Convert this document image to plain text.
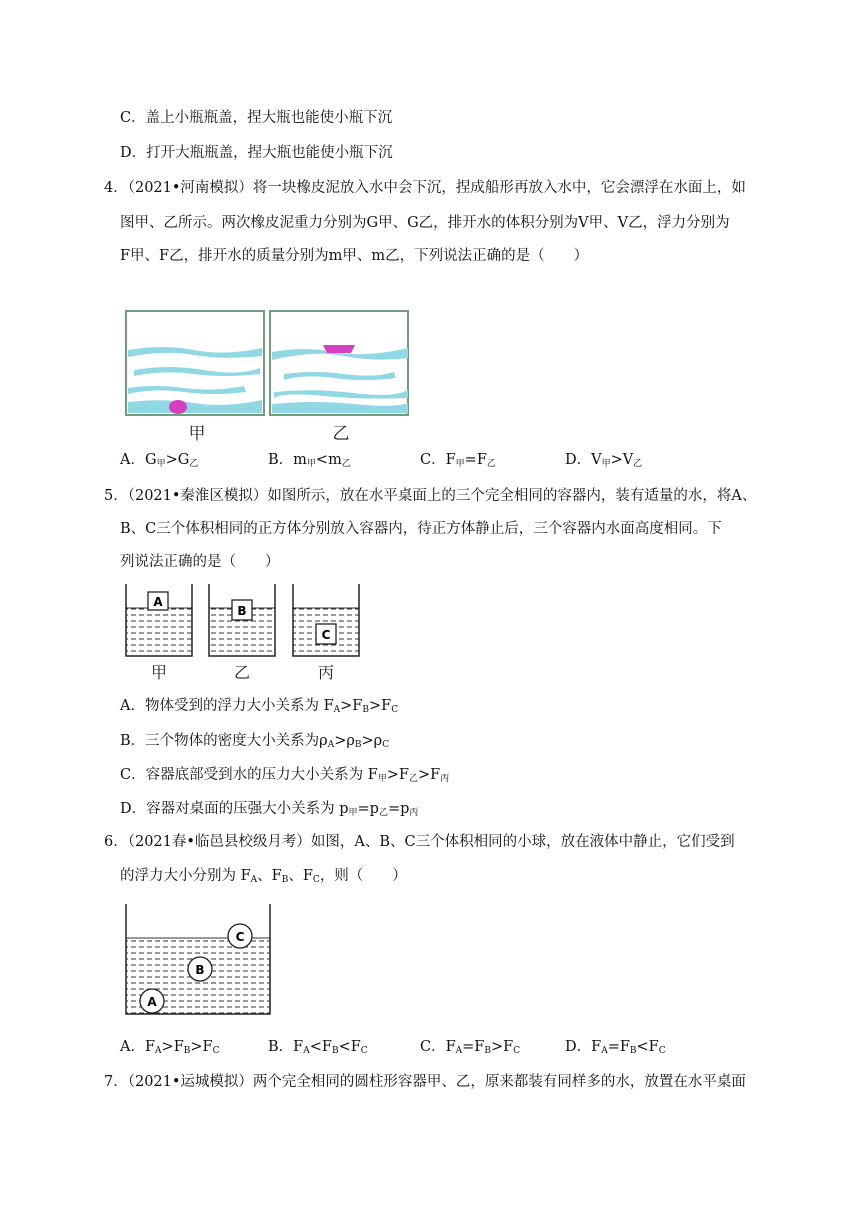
C．盖上小瓶瓶盖，捏大瓶也能使小瓶下沉
D．打开大瓶瓶盖，捏大瓶也能使小瓶下沉
4．（2021•河南模拟）将一块橡皮泥放入水中会下沉，捏成船形再放入水中，它会漂浮在水面上，如
图甲、乙所示。两次橡皮泥重力分别为G甲、G乙，排开水的体积分别为V甲、V乙，浮力分别为
F甲、F乙，排开水的质量分别为m甲、m乙，下列说法正确的是（　　）
甲	乙
A．$G_甲>G_乙$	B．$m_甲<m_乙$	C．$F_甲=F_乙$	D．$V_甲>V_乙$
5．（2021•秦淮区模拟）如图所示，放在水平桌面上的三个完全相同的容器内，装有适量的水，将A、
B、C三个体积相同的正方体分别放入容器内，待正方体静止后，三个容器内水面高度相同。下
列说法正确的是（　　）
A
B
C
甲	乙	丙
A．物体受到的浮力大小关系为 $F_A>F_B>F_C$
B．三个物体的密度大小关系为$\rho_A>\rho_B>\rho_C$
C．容器底部受到水的压力大小关系为 $F_甲>F_乙>F_丙$
D．容器对桌面的压强大小关系为 $p_甲=p_乙=p_丙$
6．（2021春•临邑县校级月考）如图，A、B、C三个体积相同的小球，放在液体中静止，它们受到
的浮力大小分别为 $F_A$、$F_B$、$F_C$，则（　　）
C
B
A
A．$F_A>F_B>F_C$	B．$F_A<F_B<F_C$	C．$F_A=F_B>F_C$	D．$F_A=F_B<F_C$
7．（2021•运城模拟）两个完全相同的圆柱形容器甲、乙，原来都装有同样多的水，放置在水平桌面
